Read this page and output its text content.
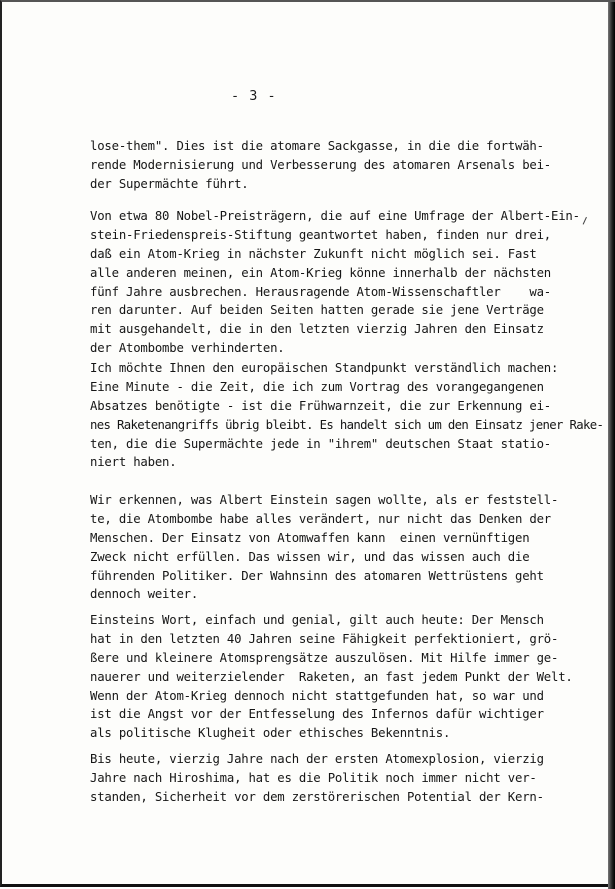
- 3 -
lose-them". Dies ist die atomare Sackgasse, in die die fortwäh-
rende Modernisierung und Verbesserung des atomaren Arsenals bei-
der Supermächte führt.
Von etwa 80 Nobel-Preisträgern, die auf eine Umfrage der Albert-Ein-
stein-Friedenspreis-Stiftung geantwortet haben, finden nur drei,
daß ein Atom-Krieg in nächster Zukunft nicht möglich sei. Fast
alle anderen meinen, ein Atom-Krieg könne innerhalb der nächsten
fünf Jahre ausbrechen. Herausragende Atom-Wissenschaftler    wa-
ren darunter. Auf beiden Seiten hatten gerade sie jene Verträge
mit ausgehandelt, die in den letzten vierzig Jahren den Einsatz
der Atombombe verhinderten.
Ich möchte Ihnen den europäischen Standpunkt verständlich machen:
Eine Minute - die Zeit, die ich zum Vortrag des vorangegangenen
Absatzes benötigte - ist die Frühwarnzeit, die zur Erkennung ei-
nes Raketenangriffs übrig bleibt. Es handelt sich um den Einsatz jener Rake-
ten, die die Supermächte jede in "ihrem" deutschen Staat statio-
niert haben.
Wir erkennen, was Albert Einstein sagen wollte, als er feststell-
te, die Atombombe habe alles verändert, nur nicht das Denken der
Menschen. Der Einsatz von Atomwaffen kann  einen vernünftigen
Zweck nicht erfüllen. Das wissen wir, und das wissen auch die
führenden Politiker. Der Wahnsinn des atomaren Wettrüstens geht
dennoch weiter.
Einsteins Wort, einfach und genial, gilt auch heute: Der Mensch
hat in den letzten 40 Jahren seine Fähigkeit perfektioniert, grö-
ßere und kleinere Atomsprengsätze auszulösen. Mit Hilfe immer ge-
nauerer und weiterzielender  Raketen, an fast jedem Punkt der Welt.
Wenn der Atom-Krieg dennoch nicht stattgefunden hat, so war und
ist die Angst vor der Entfesselung des Infernos dafür wichtiger
als politische Klugheit oder ethisches Bekenntnis.
Bis heute, vierzig Jahre nach der ersten Atomexplosion, vierzig
Jahre nach Hiroshima, hat es die Politik noch immer nicht ver-
standen, Sicherheit vor dem zerstörerischen Potential der Kern-
